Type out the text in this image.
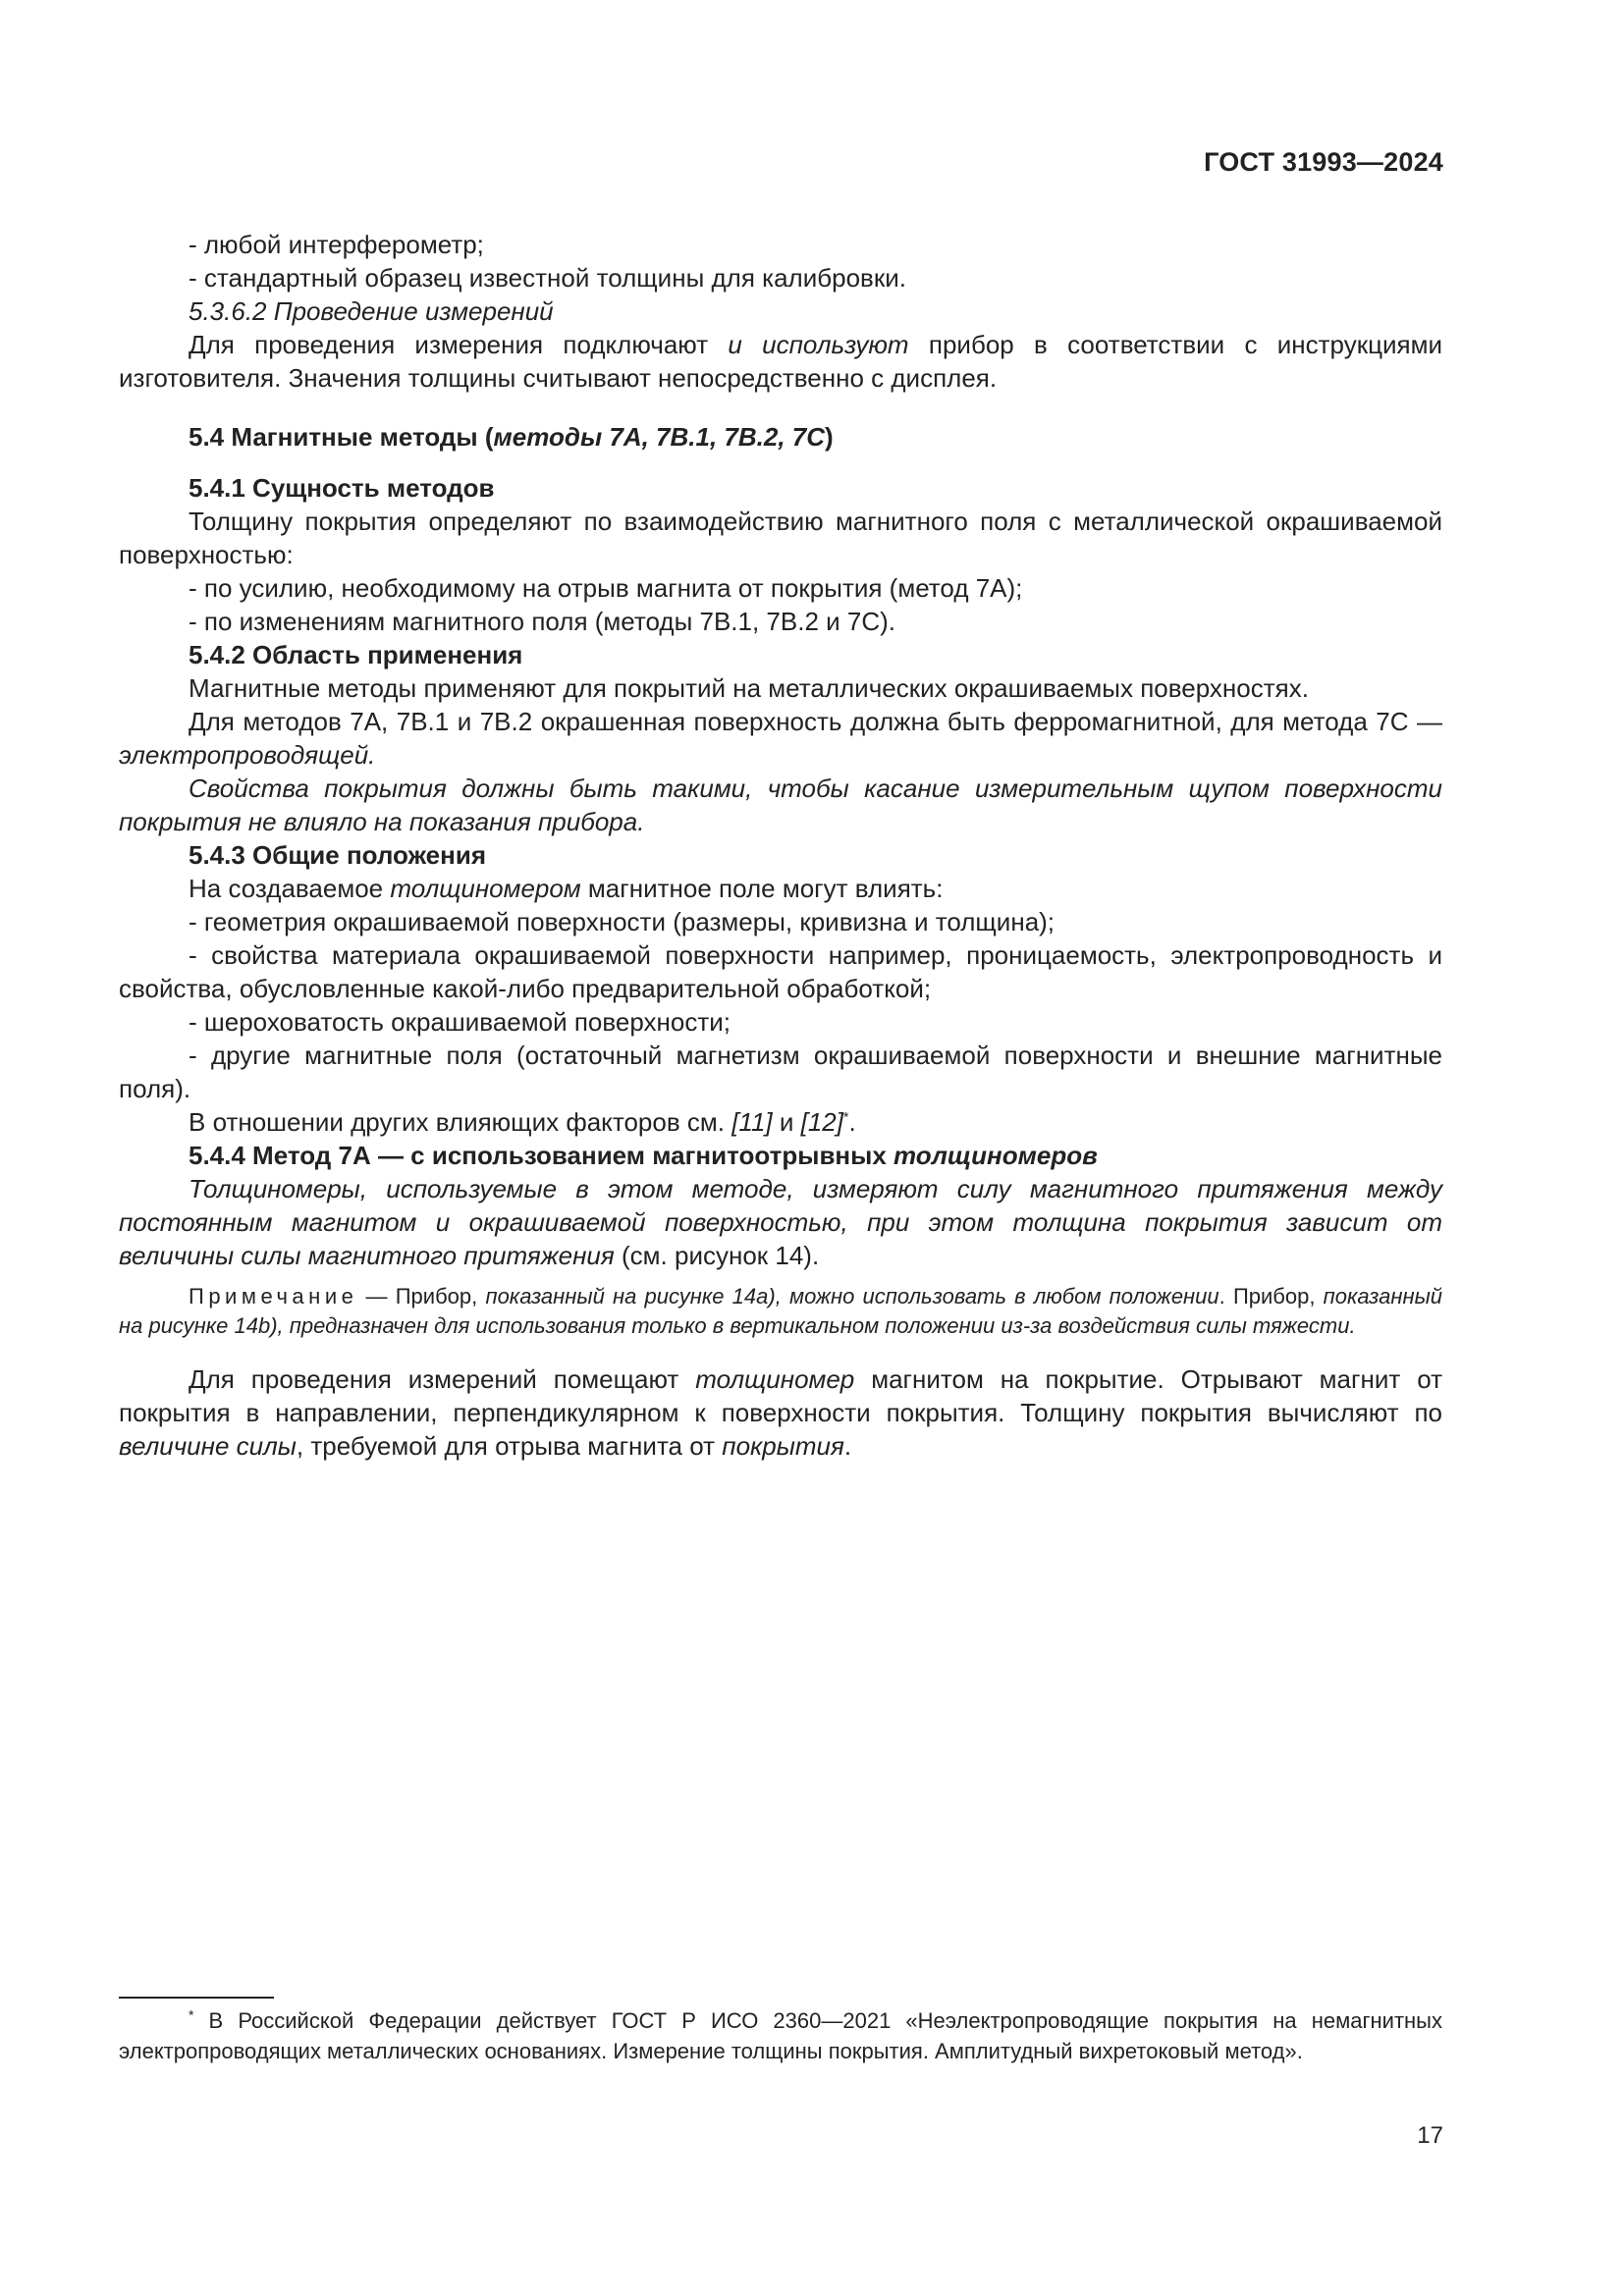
ГОСТ 31993—2024

- любой интерферометр;

- стандартный образец известной толщины для калибровки.

5.3.6.2 Проведение измерений

Для проведения измерения подключают и используют прибор в соответствии с инструкциями изготовителя. Значения толщины считывают непосредственно с дисплея.

5.4 Магнитные методы (методы 7А, 7В.1, 7В.2, 7С)

5.4.1 Сущность методов

Толщину покрытия определяют по взаимодействию магнитного поля с металлической окрашиваемой поверхностью:

- по усилию, необходимому на отрыв магнита от покрытия (метод 7А);

- по изменениям магнитного поля (методы 7В.1, 7В.2 и 7С).

5.4.2 Область применения

Магнитные методы применяют для покрытий на металлических окрашиваемых поверхностях.

Для методов 7А, 7В.1 и 7В.2 окрашенная поверхность должна быть ферромагнитной, для метода 7С — электропроводящей.

Свойства покрытия должны быть такими, чтобы касание измерительным щупом поверхности покрытия не влияло на показания прибора.

5.4.3 Общие положения

На создаваемое толщиномером магнитное поле могут влиять:

- геометрия окрашиваемой поверхности (размеры, кривизна и толщина);

- свойства материала окрашиваемой поверхности например, проницаемость, электропроводность и свойства, обусловленные какой-либо предварительной обработкой;

- шероховатость окрашиваемой поверхности;

- другие магнитные поля (остаточный магнетизм окрашиваемой поверхности и внешние магнитные поля).

В отношении других влияющих факторов см. [11] и [12]*.

5.4.4 Метод 7А — с использованием магнитоотрывных толщиномеров

Толщиномеры, используемые в этом методе, измеряют силу магнитного притяжения между постоянным магнитом и окрашиваемой поверхностью, при этом толщина покрытия зависит от величины силы магнитного притяжения (см. рисунок 14).

Примечание — Прибор, показанный на рисунке 14а), можно использовать в любом положении. Прибор, показанный на рисунке 14b), предназначен для использования только в вертикальном положении из-за воздействия силы тяжести.

Для проведения измерений помещают толщиномер магнитом на покрытие. Отрывают магнит от покрытия в направлении, перпендикулярном к поверхности покрытия. Толщину покрытия вычисляют по величине силы, требуемой для отрыва магнита от покрытия.

* В Российской Федерации действует ГОСТ Р ИСО 2360—2021 «Неэлектропроводящие покрытия на немагнитных электропроводящих металлических основаниях. Измерение толщины покрытия. Амплитудный вихретоковый метод».

17
